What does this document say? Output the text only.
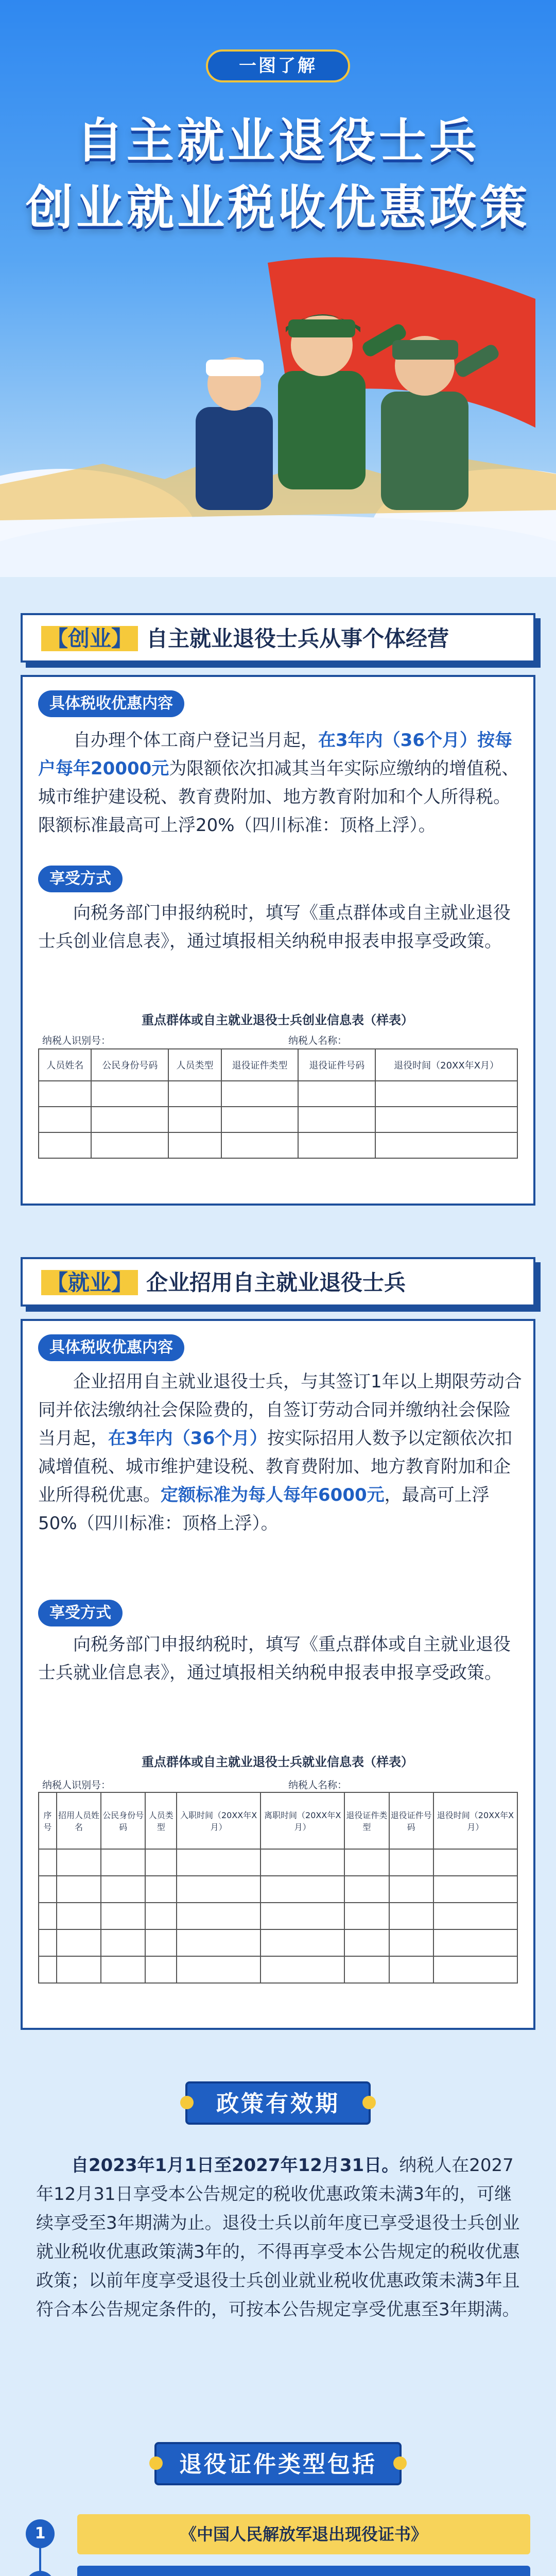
一图了解
自主就业退役士兵
创业就业税收优惠政策
【创业】 自主就业退役士兵从事个体经营
具体税收优惠内容
自办理个体工商户登记当月起，在3年内（36个月）按每户每年20000元为限额依次扣减其当年实际应缴纳的增值税、城市维护建设税、教育费附加、地方教育附加和个人所得税。限额标准最高可上浮20%（四川标准：顶格上浮）。
享受方式
向税务部门申报纳税时，填写《重点群体或自主就业退役士兵创业信息表》，通过填报相关纳税申报表申报享受政策。
重点群体或自主就业退役士兵创业信息表（样表）
纳税人识别号：	纳税人名称：
人员姓名	公民身份号码	人员类型	退役证件类型	退役证件号码	退役时间（20XX年X月）

【就业】 企业招用自主就业退役士兵
具体税收优惠内容
企业招用自主就业退役士兵，与其签订1年以上期限劳动合同并依法缴纳社会保险费的，自签订劳动合同并缴纳社会保险当月起，在3年内（36个月）按实际招用人数予以定额依次扣减增值税、城市维护建设税、教育费附加、地方教育附加和企业所得税优惠。定额标准为每人每年6000元，最高可上浮50%（四川标准：顶格上浮）。
享受方式
向税务部门申报纳税时，填写《重点群体或自主就业退役士兵就业信息表》，通过填报相关纳税申报表申报享受政策。
重点群体或自主就业退役士兵就业信息表（样表）
纳税人识别号：	纳税人名称：
序号	招用人员姓名	公民身份号码	人员类型	入职时间（20XX年X月）	离职时间（20XX年X月）	退役证件类型	退役证件号码	退役时间（20XX年X月）

政策有效期
自2023年1月1日至2027年12月31日。纳税人在2027年12月31日享受本公告规定的税收优惠政策未满3年的，可继续享受至3年期满为止。退役士兵以前年度已享受退役士兵创业就业税收优惠政策满3年的，不得再享受本公告规定的税收优惠政策；以前年度享受退役士兵创业就业税收优惠政策未满3年且符合本公告规定条件的，可按本公告规定享受优惠至3年期满。
退役证件类型包括
1	《中国人民解放军退出现役证书》
